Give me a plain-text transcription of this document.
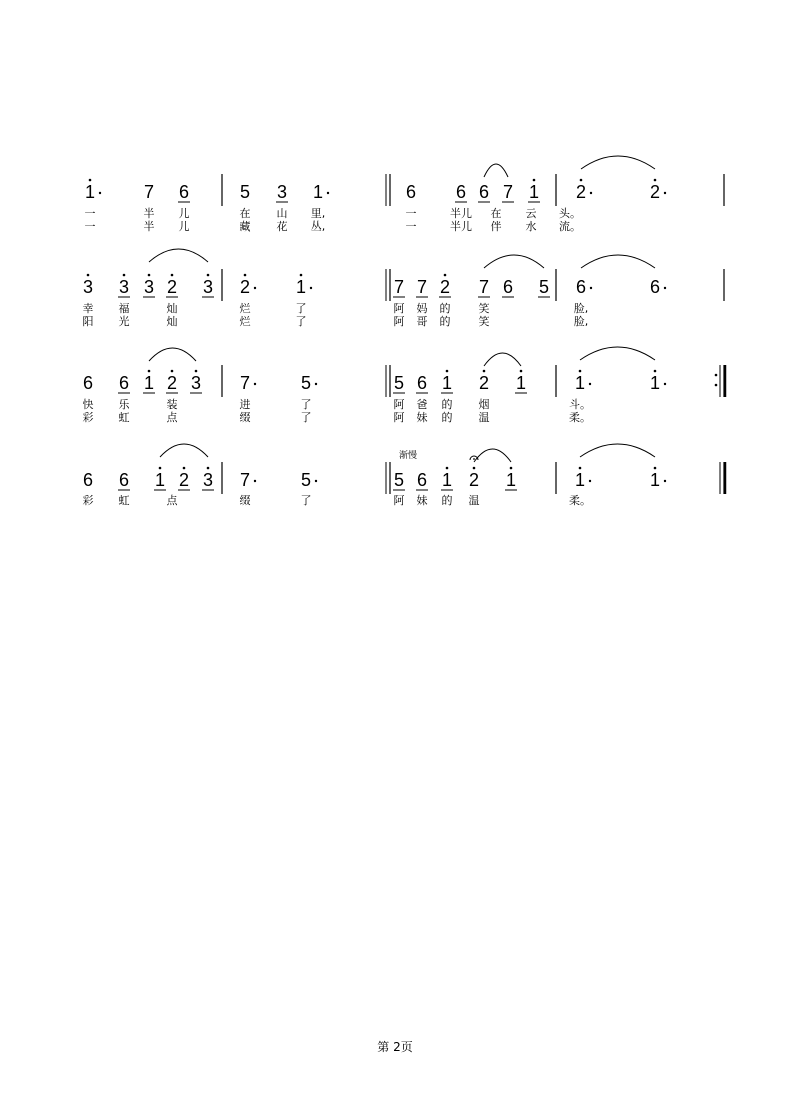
1	7 6	5 3 1	6 6 6 7 1 2	2
一	半 儿	在 山 里,	一	半儿 在 云 头。
一	半 儿	藏 花 丛,	一	半儿 伴 水 流。
3 3 3 2 3 2	1	7 7 2 7 6 5 6	6
幸 福	灿	烂	了	阿 妈 的	笑	脸,
阳 光	灿	烂	了	阿 哥 的	笑	脸,
6 6 1 2 3 7	5	5 6 1 2 1	1	1
快 乐	装	进	了	阿 爸 的 烟	斗。
彩 虹	点	缀	了	阿 妹 的 温	柔。
6 6 1 2 3 7	5	5 6 1 2 1	1	1
渐慢
彩 虹	点	缀	了	阿 妹 的 温	柔。
第 2页
